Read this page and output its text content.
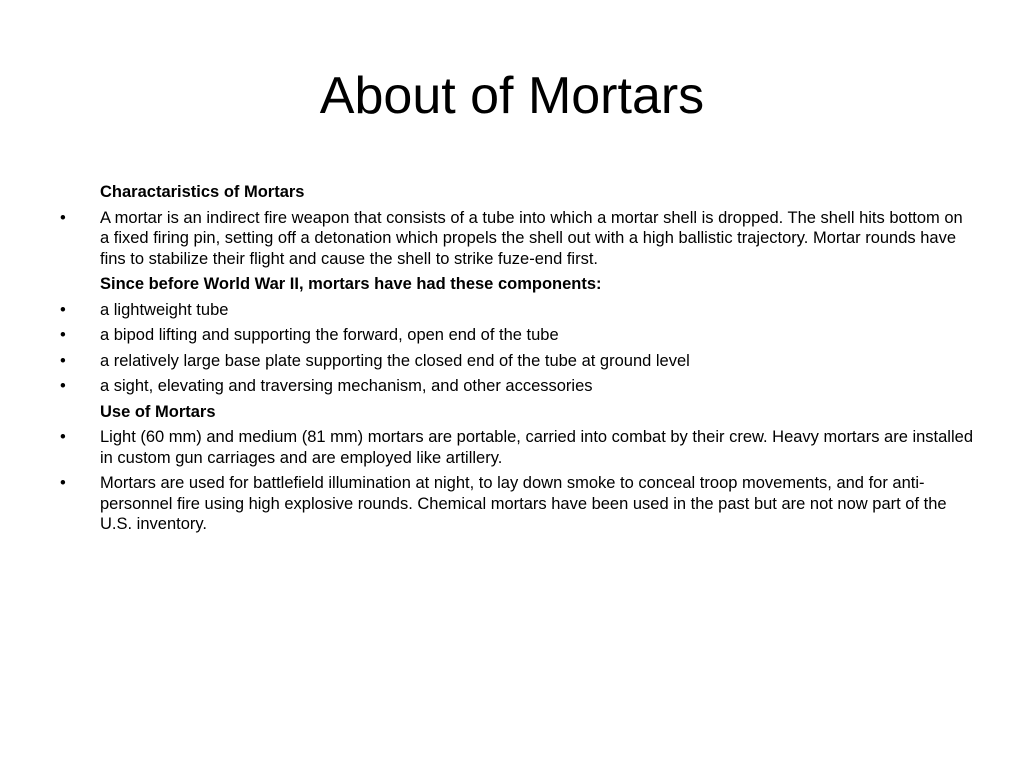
About of Mortars

Charactaristics of Mortars

• A mortar is an indirect fire weapon that consists of a tube into which a mortar shell is dropped. The shell hits bottom on a fixed firing pin, setting off a detonation which propels the shell out with a high ballistic trajectory. Mortar rounds have fins to stabilize their flight and cause the shell to strike fuze-end first.

Since before World War II, mortars have had these components:

• a lightweight tube

• a bipod lifting and supporting the forward, open end of the tube

• a relatively large base plate supporting the closed end of the tube at ground level

• a sight, elevating and traversing mechanism, and other accessories

Use of Mortars

• Light (60 mm) and medium (81 mm) mortars are portable, carried into combat by their crew. Heavy mortars are installed in custom gun carriages and are employed like artillery.

• Mortars are used for battlefield illumination at night, to lay down smoke to conceal troop movements, and for anti-personnel fire using high explosive rounds. Chemical mortars have been used in the past but are not now part of the U.S. inventory.
